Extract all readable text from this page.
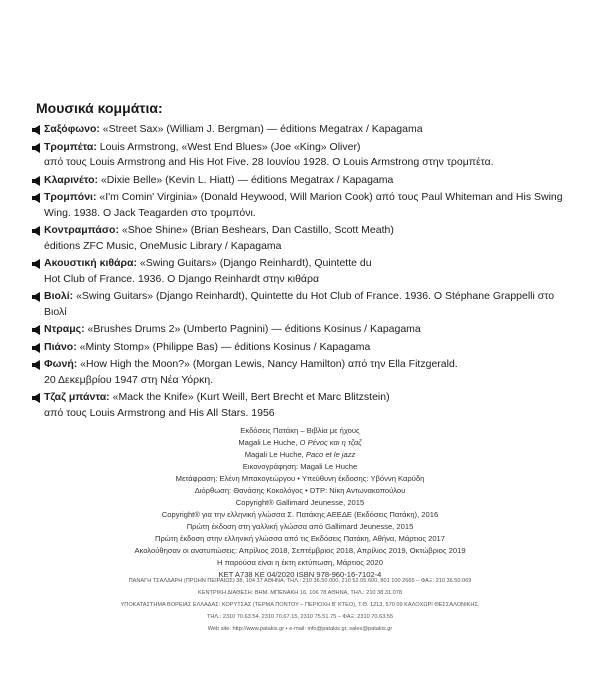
Μουσικά κομμάτια:
Σαξόφωνο: «Street Sax» (William J. Bergman) — éditions Megatrax / Kapagama
Τρομπέτα: Louis Armstrong, «West End Blues» (Joe «King» Oliver)
από τους Louis Armstrong and His Hot Five. 28 Ιουνίου 1928. Ο Louis Armstrong στην τρομπέτα.
Κλαρινέτο: «Dixie Belle» (Kevin L. Hiatt) — éditions Megatrax / Kapagama
Τρομπόνι: «I'm Comin' Virginia» (Donald Heywood, Will Marion Cook) από τους Paul Whiteman and His Swing
Wing. 1938. Ο Jack Teagarden στο τρομπόνι.
Κοντραμπάσο: «Shoe Shine» (Brian Beshears, Dan Castillo, Scott Meath)
éditions ZFC Music, OneMusic Library / Kapagama
Ακουστική κιθάρα: «Swing Guitars» (Django Reinhardt), Quintette du
Hot Club of France. 1936. Ο Django Reinhardt στην κιθάρα
Βιολί: «Swing Guitars» (Django Reinhardt), Quintette du Hot Club of France. 1936. Ο Stéphane Grappelli στο Βιολί
Ντραμς: «Brushes Drums 2» (Umberto Pagnini) — éditions Kosinus / Kapagama
Πιάνο: «Minty Stomp» (Philippe Bas) — éditions Kosinus / Kapagama
Φωνή: «How High the Moon?» (Morgan Lewis, Nancy Hamilton) από την Ella Fitzgerald.
20 Δεκεμβρίου 1947 στη Νέα Υόρκη.
Τζαζ μπάντα: «Mack the Knife» (Kurt Weill, Bert Brecht et Marc Blitzstein)
από τους Louis Armstrong and His All Stars. 1956
Εκδόσεις Πατάκη – Βιβλία με ήχους
Magali Le Huche, Ο Ρένος και η τζαζ
Magali Le Huche, Paco et le jazz
Εικονογράφηση: Magali Le Huche
Μετάφραση: Ελένη Μπακογεώργου • Υπεύθυνη έκδοσης: Υβόννη Καρύδη
Διόρθωση: Θανάσης Κοκολόγος • DTP: Νίκη Αντωνακοπούλου
Copyright® Gallimard Jeunesse, 2015
Copyright® για την ελληνική γλώσσα Σ. Πατάκης ΑΕΕΔΕ (Εκδόσεις Πατάκη), 2016
Πρώτη έκδοση στη γαλλική γλώσσα από Gallimard Jeunesse, 2015
Πρώτη έκδοση στην ελληνική γλώσσα από τις Εκδόσεις Πατάκη, Αθήνα, Μάρτιος 2017
Ακολούθησαν οι ανατυπώσεις: Απρίλιος 2018, Σεπτέμβριος 2018, Απρίλιος 2019, Οκτώβριος 2019
Η παρούσα είναι η έκτη εκτύπωση, Μάρτιος 2020
ΚΕΤ Α738 ΚΕ 04/2020 ISBN 978-960-16-7102-4
ΠΑΝΑΓΗ ΤΣΑΛΔΑΡΗ (ΠΡΩΗΝ ΠΕΙΡΑΙΩΣ) 38, 104 37 ΑΘΗΝΑ, ΤΗΛ.: 210 36.50.000, 210 52.05.600, 801 100 2665 – ΦΑΞ: 210 36.50.069
ΚΕΝΤΡΙΚΗ ΔΙΑΘΕΣΗ: ΒΗΜ. ΜΠΕΝΑΚΗ 16, 106 78 ΑΘΗΝΑ, ΤΗΛ.: 210 38.31.078
ΥΠΟΚΑΤΑΣΤΗΜΑ ΒΟΡΕΙΑΣ ΕΛΛΑΔΑΣ: ΚΟΡΥΤΣΑΣ (ΤΕΡΜΑ ΠΟΝΤΟΥ – ΠΕΡΙΟΧΗ Β' ΚΤΕΟ), Τ.Θ. 1213, 570 09 ΚΑΛΟΧΩΡΙ ΘΕΣΣΑΛΟΝΙΚΗΣ,
ΤΗΛ.: 2310 70.63.54, 2310 70.67.15, 2310 75.51.75 – ΦΑΞ: 2310 70.63.55
Web site: http://www.patakis.gr • e-mail: info@patakis.gr, sales@patakis.gr
